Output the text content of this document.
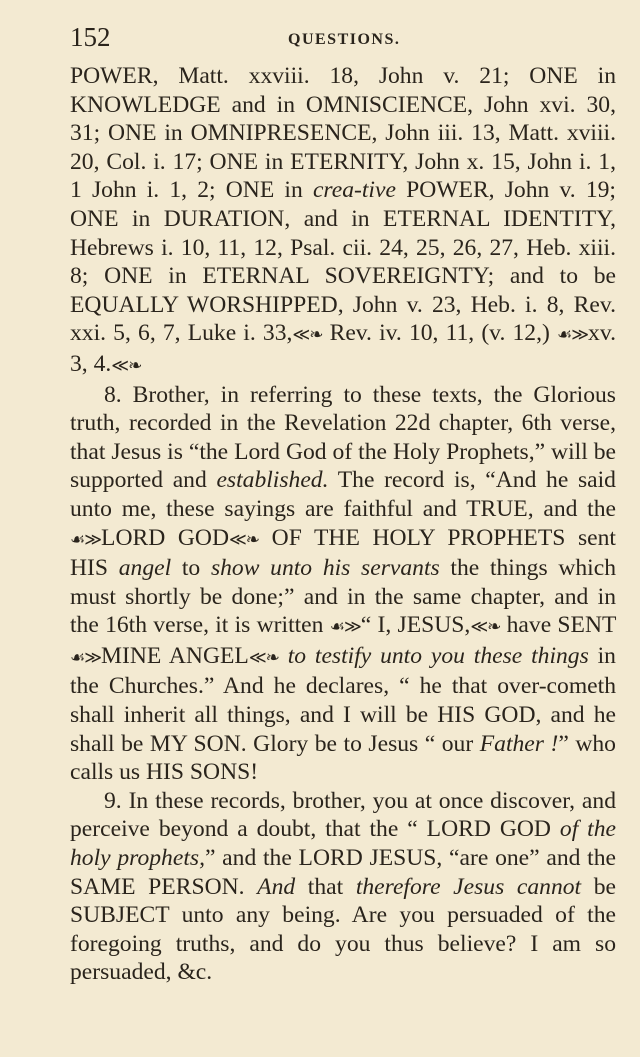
152	QUESTIONS.

POWER, Matt. xxviii. 18, John v. 21; ONE in KNOWLEDGE and in OMNISCIENCE, John xvi. 30, 31; ONE in OMNIPRESENCE, John iii. 13, Matt. xviii. 20, Col. i. 17; ONE in ETERNITY, John x. 15, John i. 1, 1 John i. 1, 2; ONE in crea-tive POWER, John v. 19; ONE in DURATION, and in ETERNAL IDENTITY, Hebrews i. 10, 11, 12, Psal. cii. 24, 25, 26, 27, Heb. xiii. 8; ONE in ETERNAL SOVEREIGNTY; and to be EQUALLY WORSHIPPED, John v. 23, Heb. i. 8, Rev. xxi. 5, 6, 7, Luke i. 33,≪❧ Rev. iv. 10, 11, (v. 12,) ☙≫xv. 3, 4.≪❧

8. Brother, in referring to these texts, the Glorious truth, recorded in the Revelation 22d chapter, 6th verse, that Jesus is “the Lord God of the Holy Prophets,” will be supported and established. The record is, “And he said unto me, these sayings are faithful and TRUE, and the ☙≫LORD GOD≪❧ OF THE HOLY PROPHETS sent HIS angel to show unto his servants the things which must shortly be done;” and in the same chapter, and in the 16th verse, it is written ☙≫“ I, JESUS,≪❧ have SENT ☙≫MINE ANGEL≪❧ to testify unto you these things in the Churches.” And he declares, “ he that over-cometh shall inherit all things, and I will be HIS GOD, and he shall be MY SON. Glory be to Jesus “ our Father !” who calls us HIS SONS!

9. In these records, brother, you at once discover, and perceive beyond a doubt, that the “ LORD GOD of the holy prophets,” and the LORD JESUS, “are one” and the SAME PERSON. And that therefore Jesus cannot be SUBJECT unto any being. Are you persuaded of the foregoing truths, and do you thus believe? I am so persuaded, &c.
